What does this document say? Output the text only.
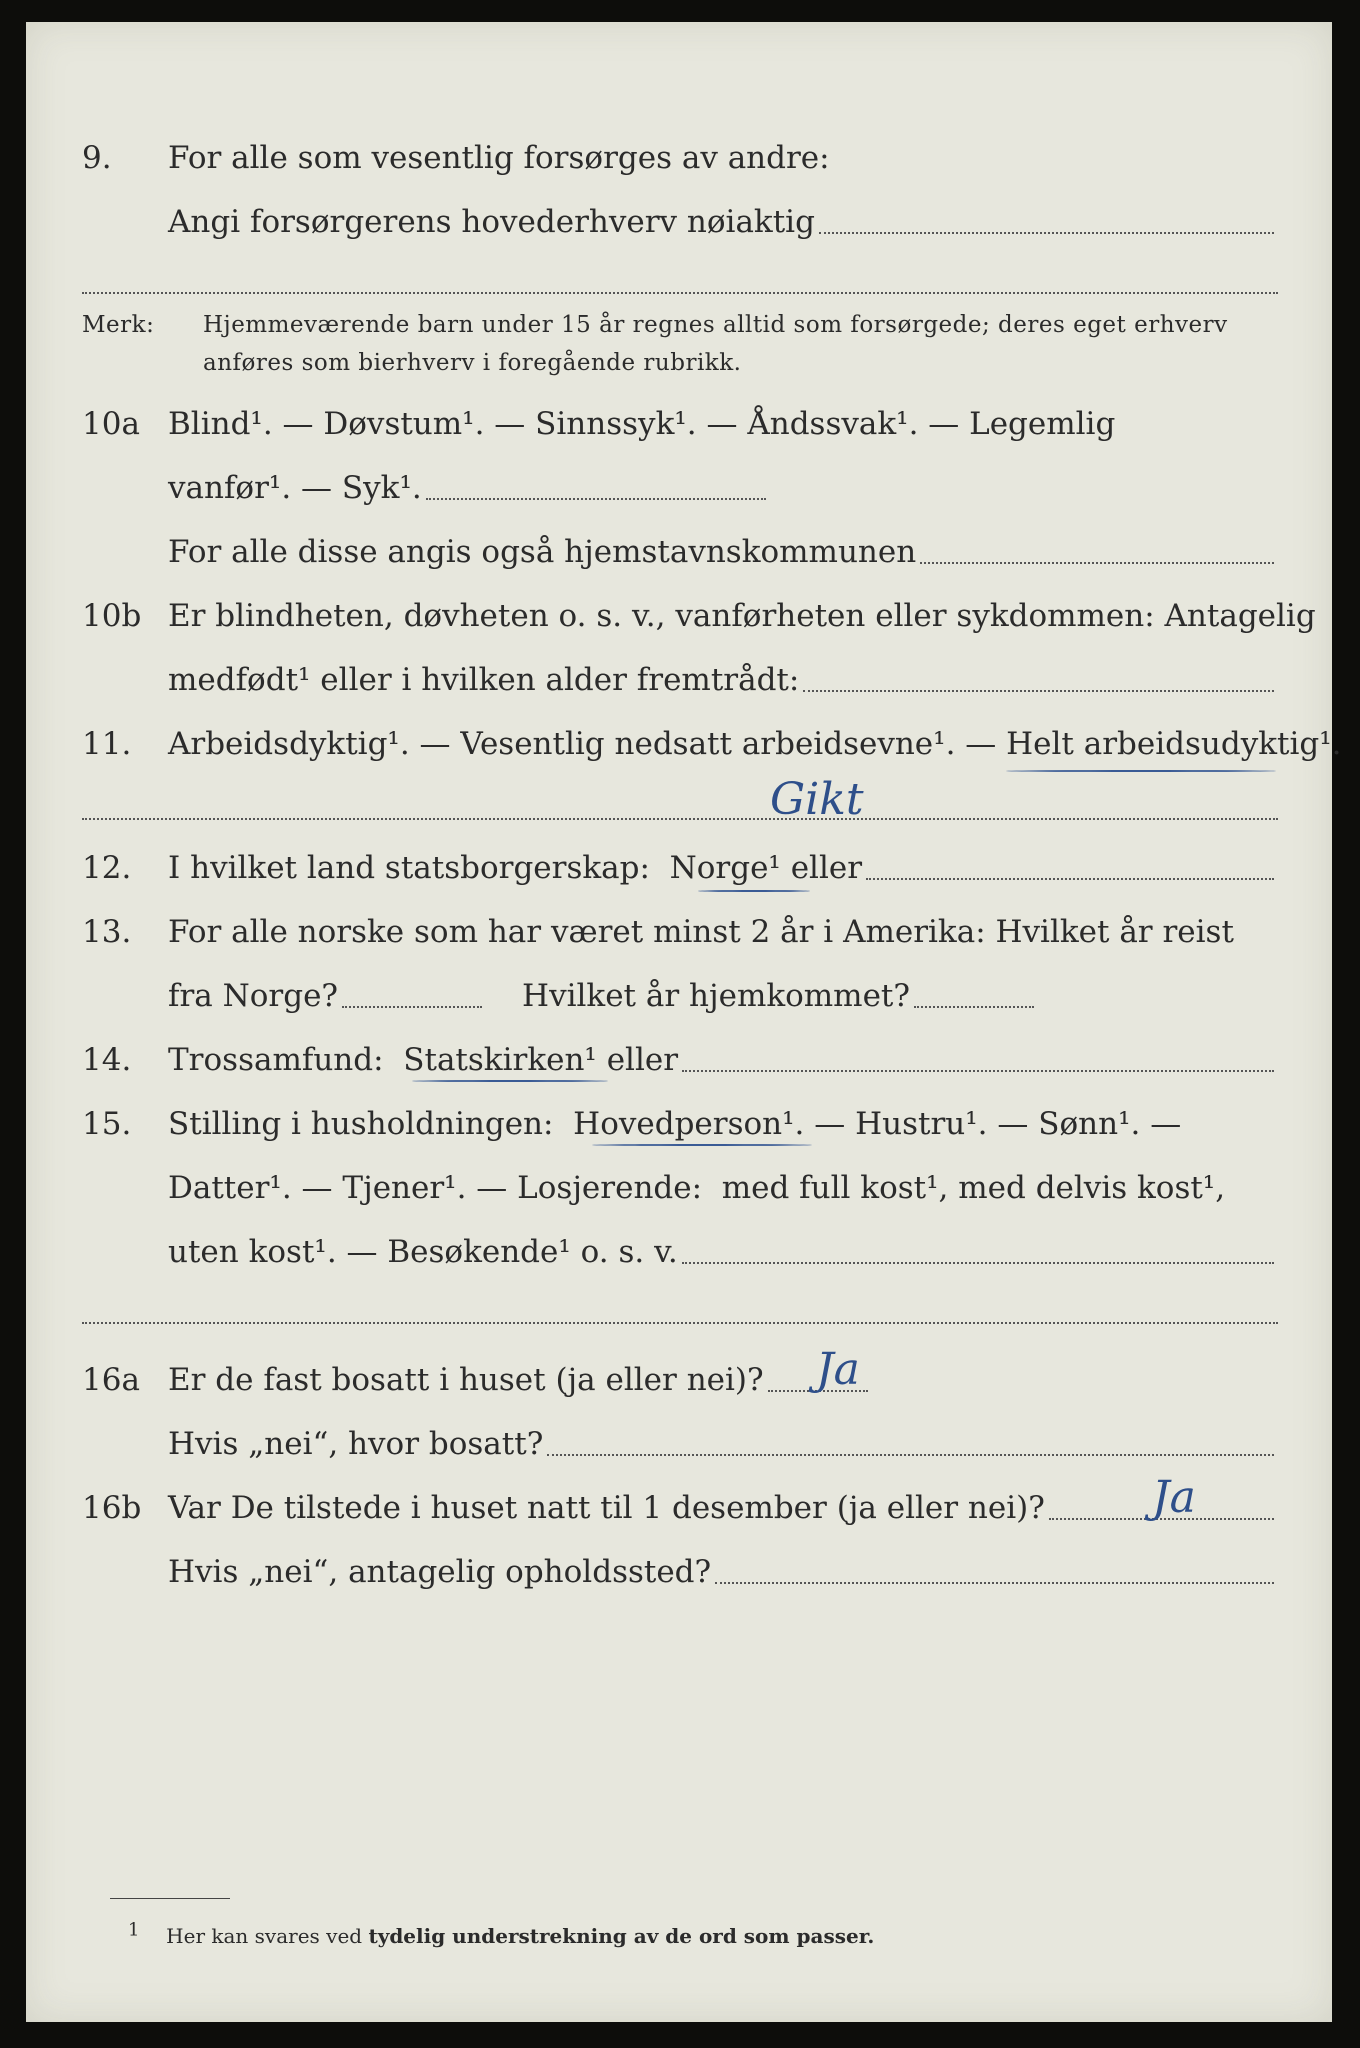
9. For alle som vesentlig forsørges av andre:
Angi forsørgerens hovederhverv nøiaktig
Merk: Hjemmeværende barn under 15 år regnes alltid som forsørgede; deres eget erhverv
anføres som bierhverv i foregående rubrikk.
10a Blind¹. — Døvstum¹. — Sinnssyk¹. — Åndssvak¹. — Legemlig
vanfør¹. — Syk¹.
For alle disse angis også hjemstavnskommunen
10b Er blindheten, døvheten o. s. v., vanførheten eller sykdommen: Antagelig
medfødt¹ eller i hvilken alder fremtrådt:
11. Arbeidsdyktig¹. — Vesentlig nedsatt arbeidsevne¹. — Helt arbeidsudyktig¹.
Gikt
12. I hvilket land statsborgerskap:  Norge¹ eller
13. For alle norske som har været minst 2 år i Amerika: Hvilket år reist
fra Norge?	Hvilket år hjemkommet?
14. Trossamfund:  Statskirken¹ eller
15. Stilling i husholdningen:  Hovedperson¹. — Hustru¹. — Sønn¹. —
Datter¹. — Tjener¹. — Losjerende:  med full kost¹, med delvis kost¹,
uten kost¹. — Besøkende¹ o. s. v.
16a Er de fast bosatt i huset (ja eller nei)? Ja
Hvis „nei“, hvor bosatt?
16b Var De tilstede i huset natt til 1 desember (ja eller nei)? Ja
Hvis „nei“, antagelig opholdssted?
1 Her kan svares ved tydelig understrekning av de ord som passer.
